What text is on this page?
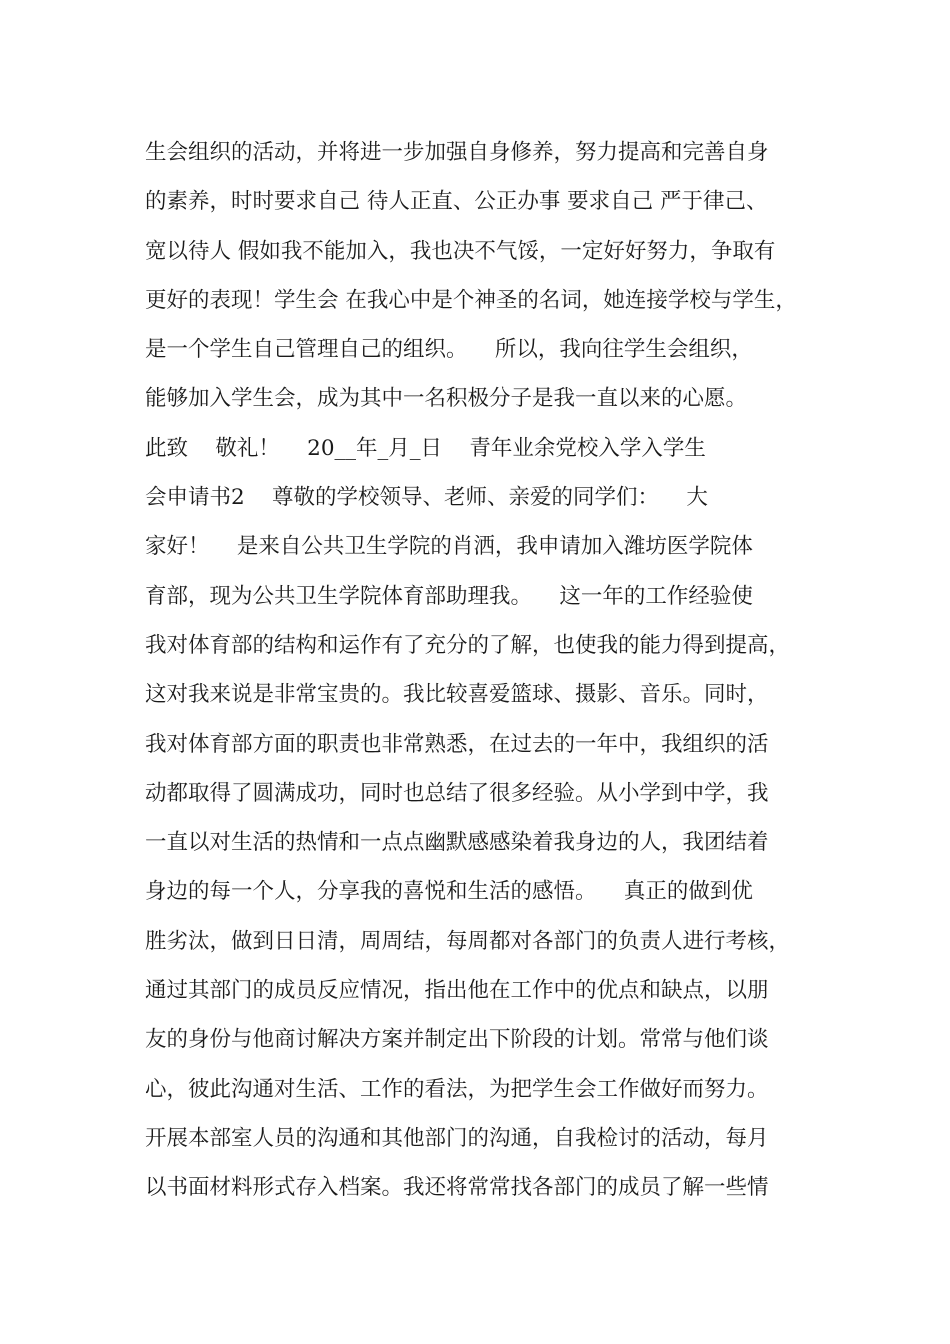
生会组织的活动，并将进一步加强自身修养，努力提高和完善自身
的素养，时时要求自己 待人正直、公正办事 要求自己 严于律己、
宽以待人 假如我不能加入，我也决不气馁，一定好好努力，争取有
更好的表现！学生会 在我心中是个神圣的名词，她连接学校与学生，
是一个学生自己管理自己的组织。    所以，我向往学生会组织，
能够加入学生会，成为其中一名积极分子是我一直以来的心愿。
此致    敬礼！    20__年_月_日    青年业余党校入学入学生
会申请书2    尊敬的学校领导、老师、亲爱的同学们：    大
家好！    是来自公共卫生学院的肖洒，我申请加入潍坊医学院体
育部，现为公共卫生学院体育部助理我。    这一年的工作经验使
我对体育部的结构和运作有了充分的了解，也使我的能力得到提高，
这对我来说是非常宝贵的。我比较喜爱篮球、摄影、音乐。同时，
我对体育部方面的职责也非常熟悉，在过去的一年中，我组织的活
动都取得了圆满成功，同时也总结了很多经验。从小学到中学，我
一直以对生活的热情和一点点幽默感感染着我身边的人，我团结着
身边的每一个人，分享我的喜悦和生活的感悟。    真正的做到优
胜劣汰，做到日日清，周周结，每周都对各部门的负责人进行考核，
通过其部门的成员反应情况，指出他在工作中的优点和缺点，以朋
友的身份与他商讨解决方案并制定出下阶段的计划。常常与他们谈
心，彼此沟通对生活、工作的看法，为把学生会工作做好而努力。
开展本部室人员的沟通和其他部门的沟通，自我检讨的活动，每月
以书面材料形式存入档案。我还将常常找各部门的成员了解一些情
